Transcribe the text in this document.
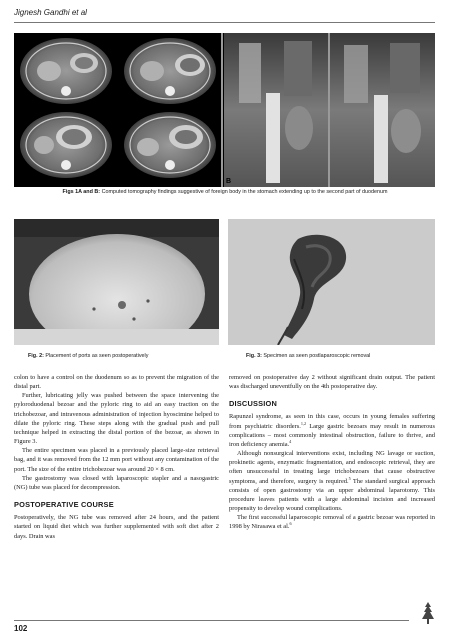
Jignesh Gandhi et al
A	B
Figs 1A and B: Computed tomography findings suggestive of foreign body in the stomach extending up to the second part of duodenum
Fig. 2: Placement of ports as seen postoperatively	Fig. 3: Specimen as seen postlaparoscopic removal

colon to have a control on the duodenum so as to prevent the migration of the distal part.

Further, lubricating jelly was pushed between the space intervening the pyloroduodenal bezoar and the pyloric ring to aid an easy traction on the trichobezoar, and intravenous administration of injection hyoscimine helped to dilate the pyloric ring. These steps along with the gradual push and pull technique helped in extracting the distal portion of the bezoar, as shown in Figure 3.

The entire specimen was placed in a previously placed large-size retrieval bag, and it was removed from the 12 mm port without any contamination of the port. The size of the entire trichobezoar was around 20 × 8 cm.

The gastrostomy was closed with laparoscopic stapler and a nasogastric (NG) tube was placed for decompression.

POSTOPERATIVE COURSE

Postoperatively, the NG tube was removed after 24 hours, and the patient started on liquid diet which was further supplemented with soft diet after 2 days. Drain was

removed on postoperative day 2 without significant drain output. The patient was discharged uneventfully on the 4th postoperative day.

DISCUSSION

Rapunzel syndrome, as seen in this case, occurs in young females suffering from psychiatric disorders.$^{1,2}$ Large gastric bezoars may result in numerous complications – most commonly intestinal obstruction, failure to thrive, and iron deficiency anemia.$^4$

Although nonsurgical interventions exist, including NG lavage or suction, prokinetic agents, enzymatic fragmentation, and endoscopic retrieval, they are often unsuccessful in treating large trichobezoars that cause obstructive symptoms, and therefore, surgery is required.$^5$ The standard surgical approach consists of open gastrostomy via an upper abdominal laparotomy. This procedure leaves patients with a large abdominal incision and increased propensity to develop wound complications.

The first successful laparoscopic removal of a gastric bezoar was reported in 1998 by Nirasawa et al.$^6$

102
